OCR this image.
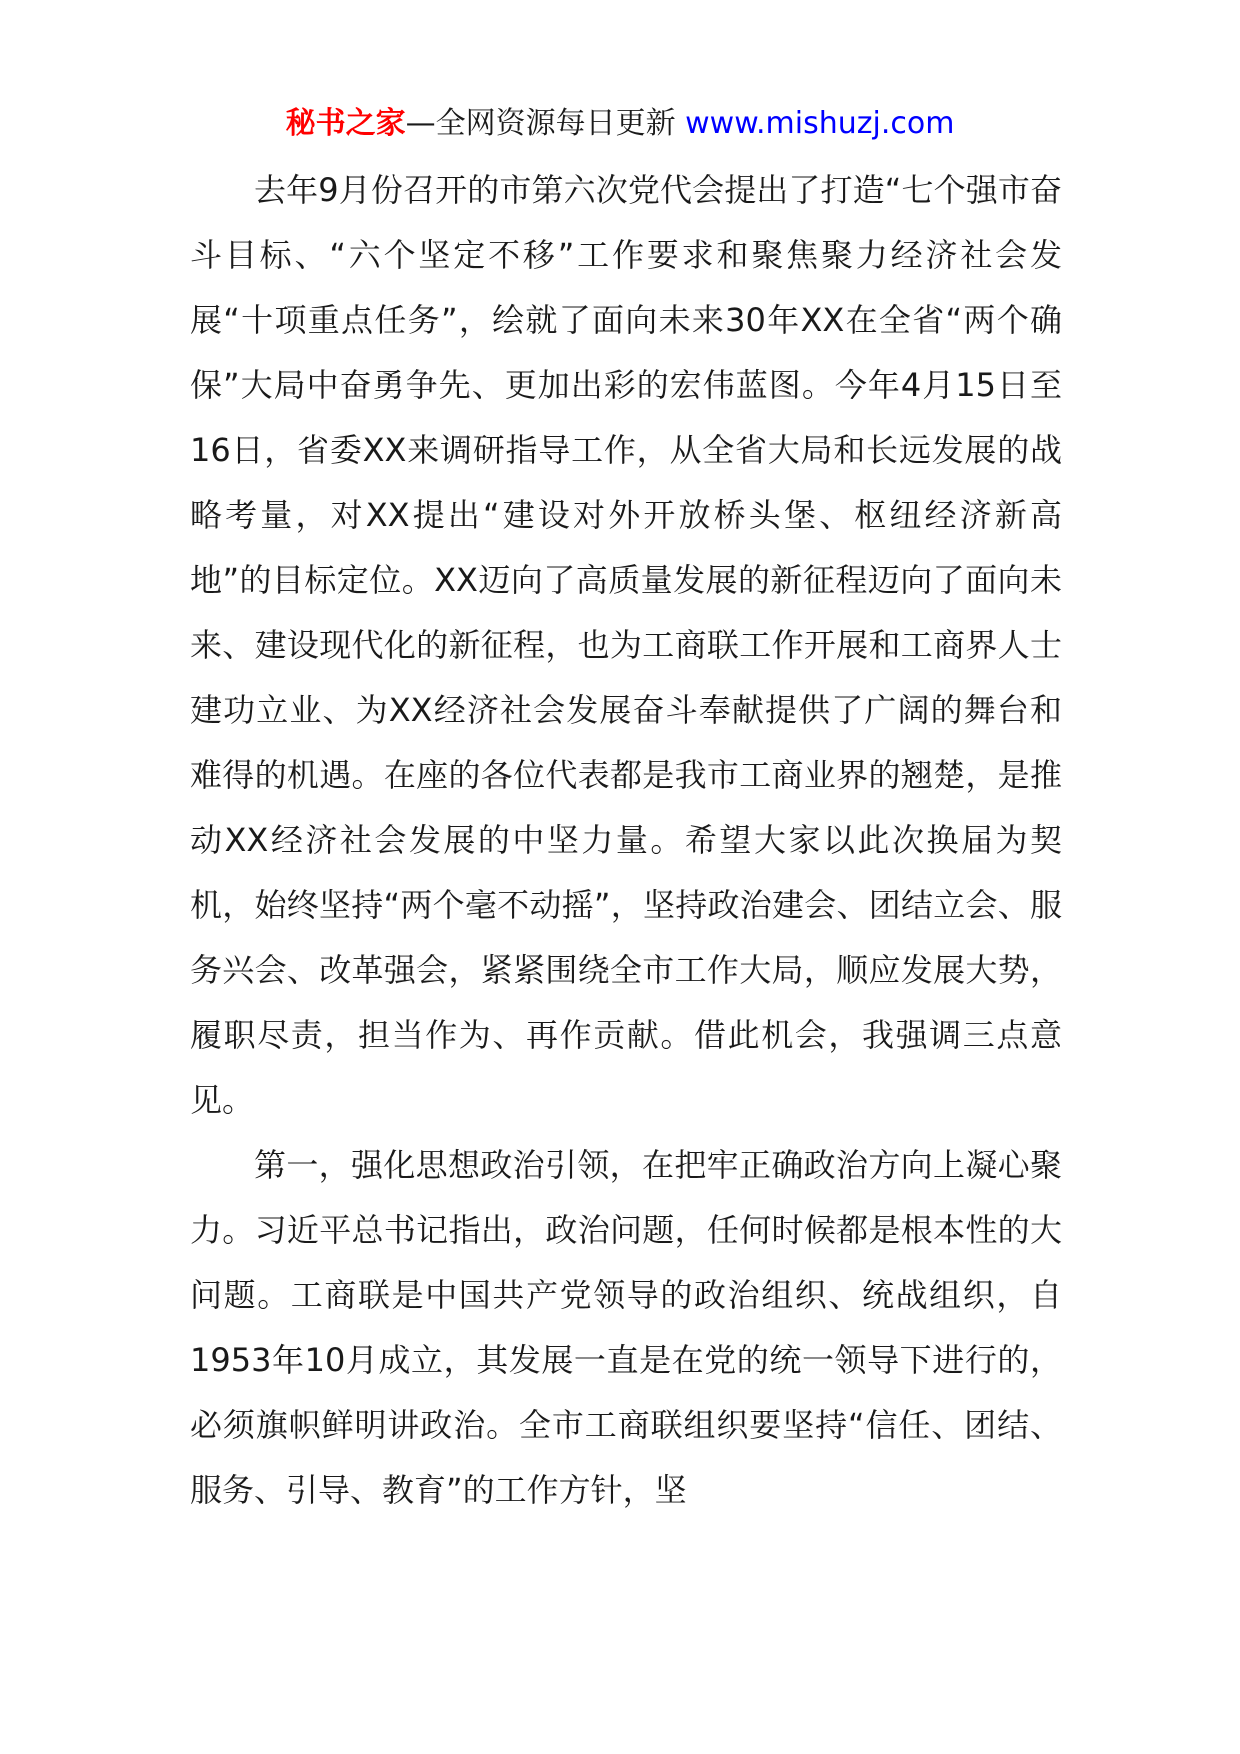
秘书之家—全网资源每日更新 www.mishuzj.com

去年9月份召开的市第六次党代会提出了打造“七个强市奋斗目标、“六个坚定不移”工作要求和聚焦聚力经济社会发展“十项重点任务”，绘就了面向未来30年XX在全省“两个确保”大局中奋勇争先、更加出彩的宏伟蓝图。今年4月15日至16日，省委XX来调研指导工作，从全省大局和长远发展的战略考量，对XX提出“建设对外开放桥头堡、枢纽经济新高地”的目标定位。XX迈向了高质量发展的新征程迈向了面向未来、建设现代化的新征程，也为工商联工作开展和工商界人士建功立业、为XX经济社会发展奋斗奉献提供了广阔的舞台和难得的机遇。在座的各位代表都是我市工商业界的翘楚，是推动XX经济社会发展的中坚力量。希望大家以此次换届为契机，始终坚持“两个毫不动摇”，坚持政治建会、团结立会、服务兴会、改革强会，紧紧围绕全市工作大局，顺应发展大势，履职尽责，担当作为、再作贡献。借此机会，我强调三点意见。

第一，强化思想政治引领，在把牢正确政治方向上凝心聚力。习近平总书记指出，政治问题，任何时候都是根本性的大问题。工商联是中国共产党领导的政治组织、统战组织，自1953年10月成立，其发展一直是在党的统一领导下进行的，必须旗帜鲜明讲政治。全市工商联组织要坚持“信任、团结、服务、引导、教育”的工作方针，坚
